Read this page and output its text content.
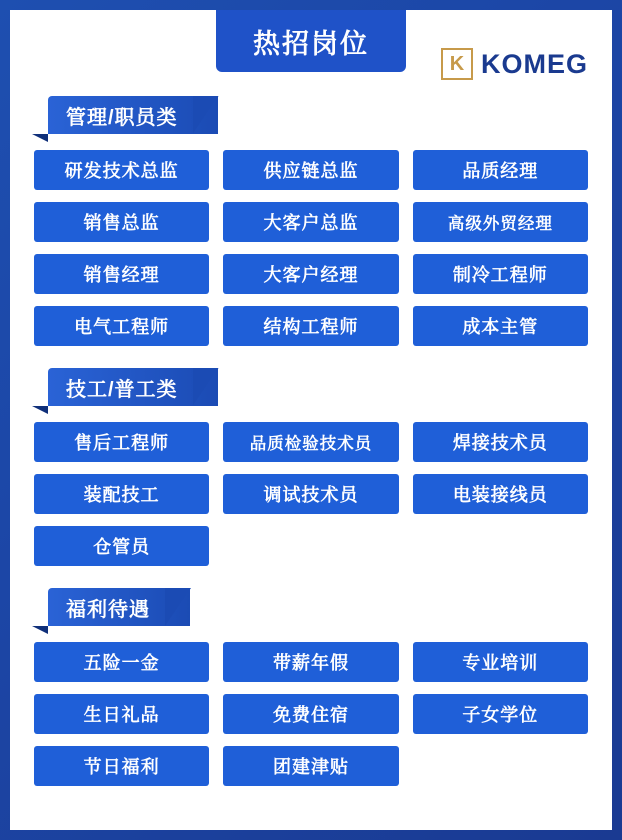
热招岗位
K KOMEG
管理/职员类
研发技术总监	供应链总监	品质经理
销售总监	大客户总监	高级外贸经理
销售经理	大客户经理	制冷工程师
电气工程师	结构工程师	成本主管
技工/普工类
售后工程师	品质检验技术员	焊接技术员
装配技工	调试技术员	电装接线员
仓管员
福利待遇
五险一金	带薪年假	专业培训
生日礼品	免费住宿	子女学位
节日福利	团建津贴
